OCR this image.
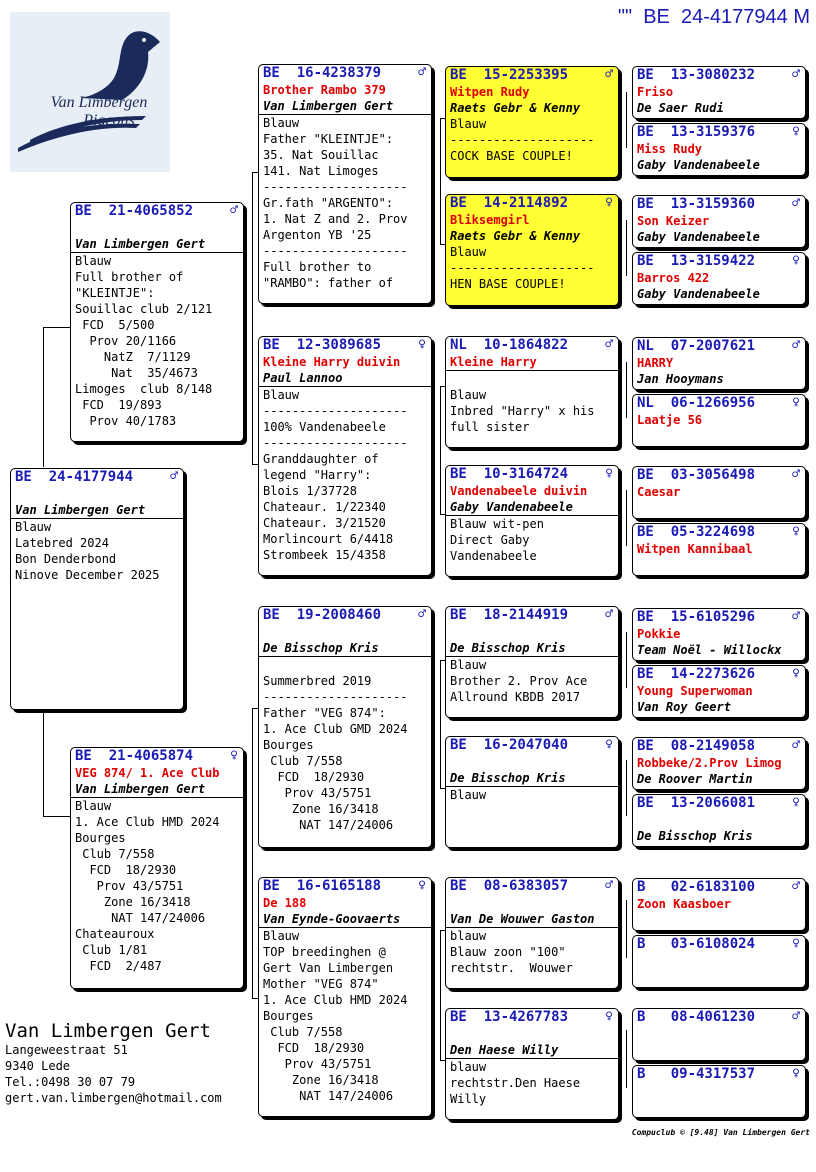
""  BE  24-4177944 M
Van Limbergen
Pigeons
BE  24-4177944	♂
Van Limbergen Gert
Blauw
Latebred 2024
Bon Denderbond
Ninove December 2025
BE  21-4065852	♂
Van Limbergen Gert
Blauw
Full brother of
"KLEINTJE":
Souillac club 2/121
FCD  5/500
Prov 20/1166
NatZ  7/1129
Nat  35/4673
Limoges  club 8/148
FCD  19/893
Prov 40/1783
BE  21-4065874	♀
VEG 874/ 1. Ace Club
Van Limbergen Gert
Blauw
1. Ace Club HMD 2024
Bourges
Club 7/558
FCD  18/2930
Prov 43/5751
Zone 16/3418
NAT 147/24006
Chateauroux
Club 1/81
FCD  2/487
BE  16-4238379	♂
Brother Rambo 379
Van Limbergen Gert
Blauw
Father "KLEINTJE":
35. Nat Souillac
141. Nat Limoges
--------------------
Gr.fath "ARGENTO":
1. Nat Z and 2. Prov
Argenton YB '25
--------------------
Full brother to
"RAMBO": father of
BE  12-3089685	♀
Kleine Harry duivin
Paul Lannoo
Blauw
--------------------
100% Vandenabeele
--------------------
Granddaughter of
legend "Harry":
Blois 1/37728
Chateaur. 1/22340
Chateaur. 3/21520
Morlincourt 6/4418
Strombeek 15/4358
BE  19-2008460	♂
De Bisschop Kris

Summerbred 2019
--------------------
Father "VEG 874":
1. Ace Club GMD 2024
Bourges
Club 7/558
FCD  18/2930
Prov 43/5751
Zone 16/3418
NAT 147/24006
BE  16-6165188	♀
De 188
Van Eynde-Goovaerts
Blauw
TOP breedinghen @
Gert Van Limbergen
Mother "VEG 874"
1. Ace Club HMD 2024
Bourges
Club 7/558
FCD  18/2930
Prov 43/5751
Zone 16/3418
NAT 147/24006
BE  15-2253395	♂
Witpen Rudy
Raets Gebr & Kenny
Blauw
--------------------
COCK BASE COUPLE!
BE  14-2114892	♀
Bliksemgirl
Raets Gebr & Kenny
Blauw
--------------------
HEN BASE COUPLE!
NL  10-1864822	♂
Kleine Harry
Blauw
Inbred "Harry" x his
full sister
BE  10-3164724	♀
Vandenabeele duivin
Gaby Vandenabeele
Blauw wit-pen
Direct Gaby
Vandenabeele
BE  18-2144919	♂
De Bisschop Kris
Blauw
Brother 2. Prov Ace
Allround KBDB 2017
BE  16-2047040	♀
De Bisschop Kris
Blauw
BE  08-6383057	♂
Van De Wouwer Gaston
blauw
Blauw zoon "100"
rechtstr.  Wouwer
BE  13-4267783	♀
Den Haese Willy
blauw
rechtstr.Den Haese
Willy
BE  13-3080232	♂
Friso
De Saer Rudi
BE  13-3159376	♀
Miss Rudy
Gaby Vandenabeele
BE  13-3159360	♂
Son Keizer
Gaby Vandenabeele
BE  13-3159422	♀
Barros 422
Gaby Vandenabeele
NL  07-2007621	♂
HARRY
Jan Hooymans
NL  06-1266956	♀
Laatje 56
BE  03-3056498	♂
Caesar
BE  05-3224698	♀
Witpen Kannibaal
BE  15-6105296	♂
Pokkie
Team Noël - Willockx
BE  14-2273626	♀
Young Superwoman
Van Roy Geert
BE  08-2149058	♂
Robbeke/2.Prov Limog
De Roover Martin
BE  13-2066081	♀
De Bisschop Kris
B   02-6183100	♂
Zoon Kaasboer
B   03-6108024	♀
B   08-4061230	♂
B   09-4317537	♀
Van Limbergen Gert
Langeweestraat 51
9340 Lede
Tel.:0498 30 07 79
gert.van.limbergen@hotmail.com
Compuclub © [9.48] Van Limbergen Gert
